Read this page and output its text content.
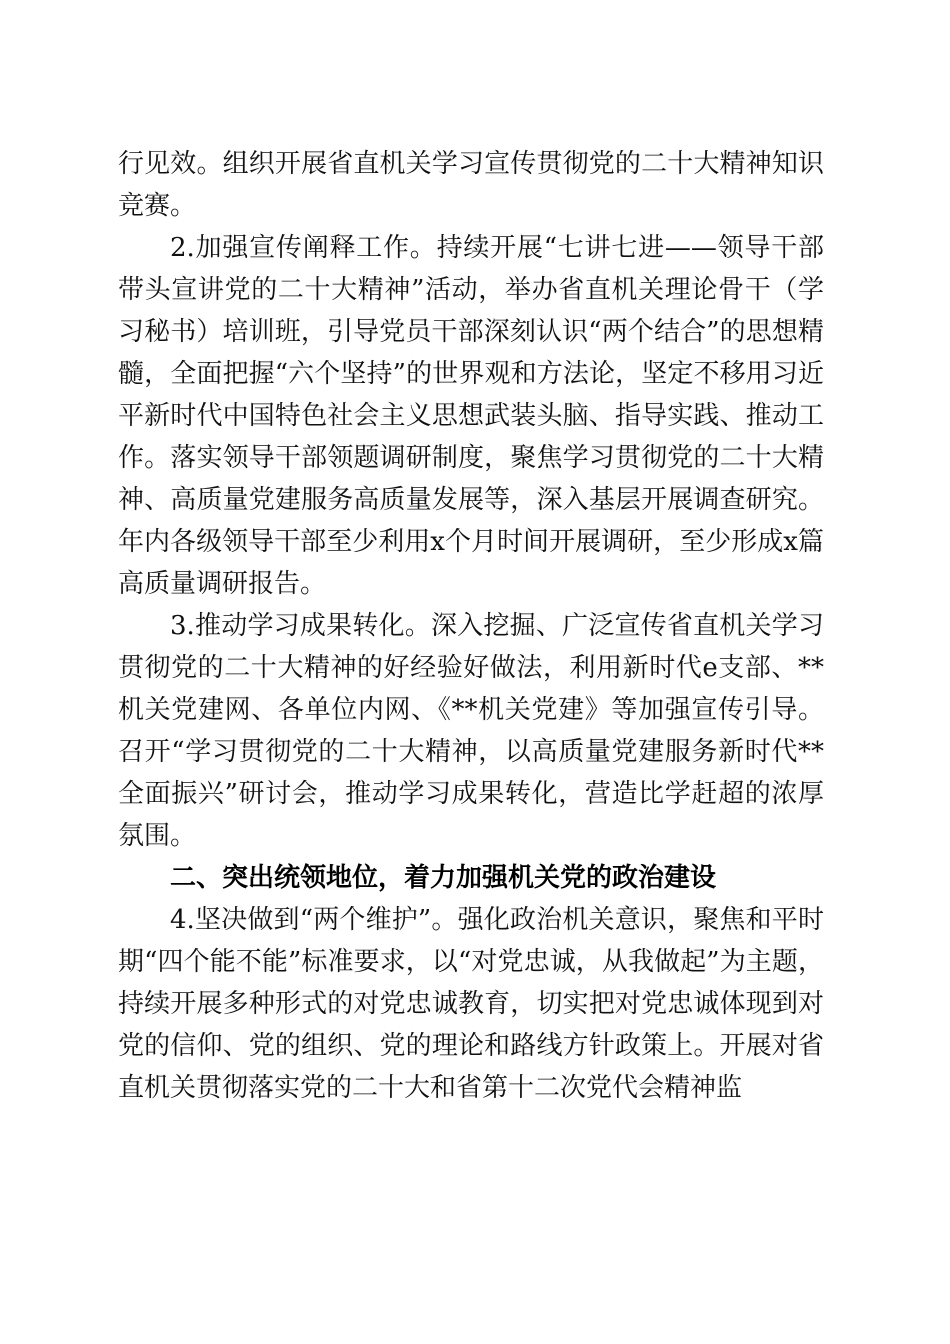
行见效。组织开展省直机关学习宣传贯彻党的二十大精神知识竞赛。

2.加强宣传阐释工作。持续开展“七讲七进——领导干部带头宣讲党的二十大精神”活动，举办省直机关理论骨干（学习秘书）培训班，引导党员干部深刻认识“两个结合”的思想精髓，全面把握“六个坚持”的世界观和方法论，坚定不移用习近平新时代中国特色社会主义思想武装头脑、指导实践、推动工作。落实领导干部领题调研制度，聚焦学习贯彻党的二十大精神、高质量党建服务高质量发展等，深入基层开展调查研究。年内各级领导干部至少利用x个月时间开展调研，至少形成x篇高质量调研报告。

3.推动学习成果转化。深入挖掘、广泛宣传省直机关学习贯彻党的二十大精神的好经验好做法，利用新时代e支部、**机关党建网、各单位内网、《**机关党建》等加强宣传引导。召开“学习贯彻党的二十大精神，以高质量党建服务新时代**全面振兴”研讨会，推动学习成果转化，营造比学赶超的浓厚氛围。

二、突出统领地位，着力加强机关党的政治建设

4.坚决做到“两个维护”。强化政治机关意识，聚焦和平时期“四个能不能”标准要求，以“对党忠诚，从我做起”为主题，持续开展多种形式的对党忠诚教育，切实把对党忠诚体现到对党的信仰、党的组织、党的理论和路线方针政策上。开展对省直机关贯彻落实党的二十大和省第十二次党代会精神监
